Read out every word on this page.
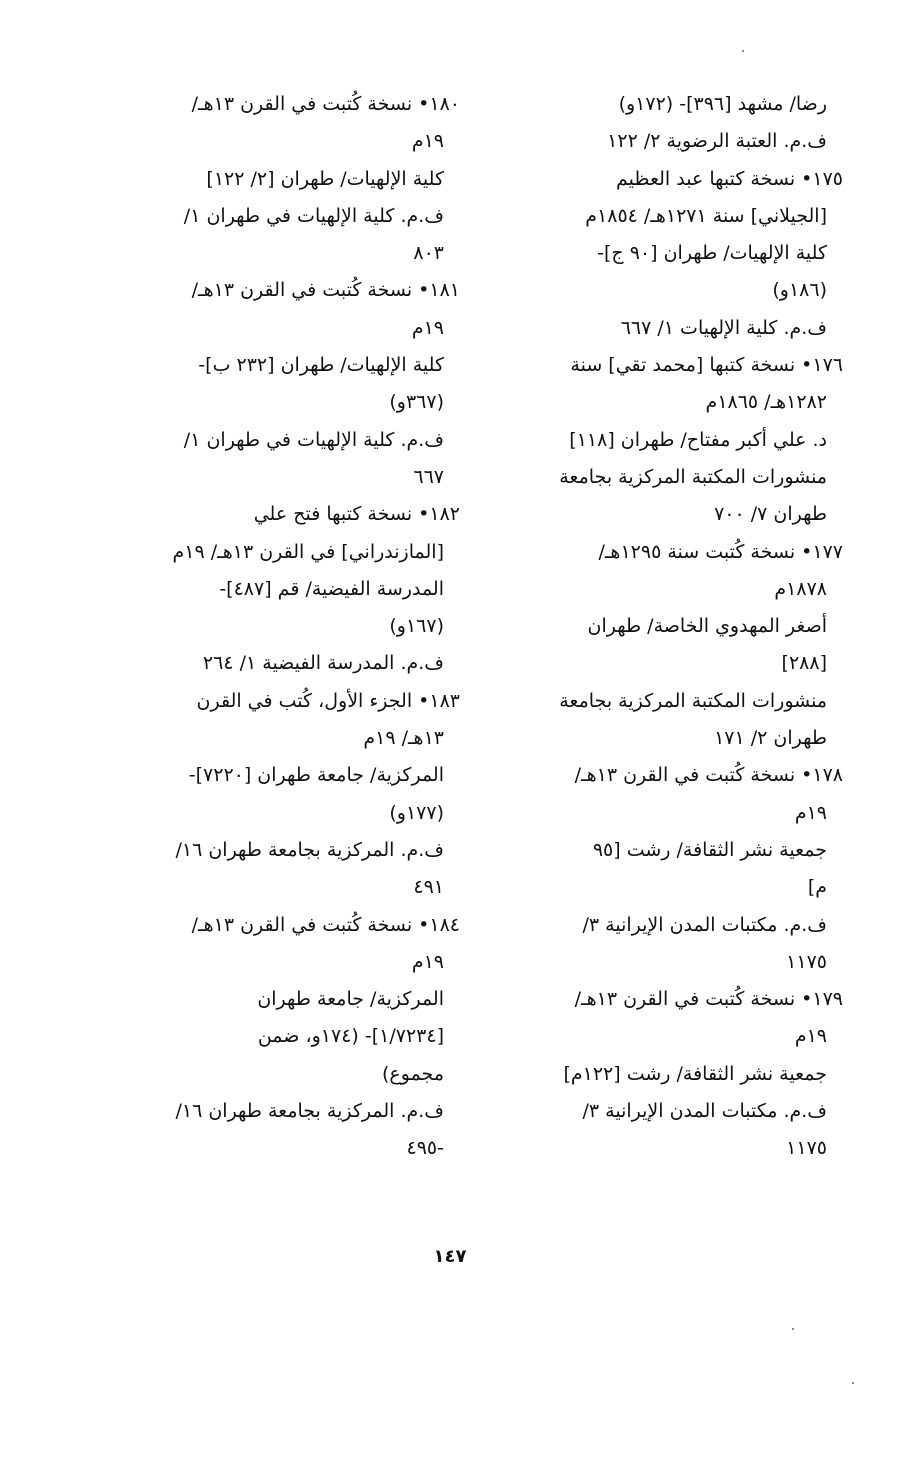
رضا/ مشهد [٣٩٦]- (١٧٢و)
ف.م. العتبة الرضوية ٢/ ١٢٢
١٧٥• نسخة كتبها عبد العظيم
[الجيلاني] سنة ١٢٧١هـ/ ١٨٥٤م
كلية الإلهيات/ طهران [٩٠ ج]-
(١٨٦و)
ف.م. كلية الإلهيات ١/ ٦٦٧
١٧٦• نسخة كتبها [محمد تقي] سنة
١٢٨٢هـ/ ١٨٦٥م
د. علي أكبر مفتاح/ طهران [١١٨]
منشورات المكتبة المركزية بجامعة
طهران ٧/ ٧٠٠
١٧٧• نسخة كُتبت سنة ١٢٩٥هـ/
١٨٧٨م
أصغر المهدوي الخاصة/ طهران
[٢٨٨]
منشورات المكتبة المركزية بجامعة
طهران ٢/ ١٧١
١٧٨• نسخة كُتبت في القرن ١٣هـ/
١٩م
جمعية نشر الثقافة/ رشت [٩٥
م]
ف.م. مكتبات المدن الإيرانية ٣/
١١٧٥
١٧٩• نسخة كُتبت في القرن ١٣هـ/
١٩م
جمعية نشر الثقافة/ رشت [١٢٢م]
ف.م. مكتبات المدن الإيرانية ٣/
١١٧٥
١٨٠• نسخة كُتبت في القرن ١٣هـ/
١٩م
كلية الإلهيات/ طهران [٢/ ١٢٢]
ف.م. كلية الإلهيات في طهران ١/
٨٠٣
١٨١• نسخة كُتبت في القرن ١٣هـ/
١٩م
كلية الإلهيات/ طهران [٢٣٢ ب]-
(٣٦٧و)
ف.م. كلية الإلهيات في طهران ١/
٦٦٧
١٨٢• نسخة كتبها فتح علي
[المازندراني] في القرن ١٣هـ/ ١٩م
المدرسة الفيضية/ قم [٤٨٧]-
(١٦٧و)
ف.م. المدرسة الفيضية ١/ ٢٦٤
١٨٣• الجزء الأول، كُتب في القرن
١٣هـ/ ١٩م
المركزية/ جامعة طهران [٧٢٢٠]-
(١٧٧و)
ف.م. المركزية بجامعة طهران ١٦/
٤٩١
١٨٤• نسخة كُتبت في القرن ١٣هـ/
١٩م
المركزية/ جامعة طهران
[١/٧٢٣٤]- (١٧٤و، ضمن
مجموع)
ف.م. المركزية بجامعة طهران ١٦/
-٤٩٥
١٤٧
